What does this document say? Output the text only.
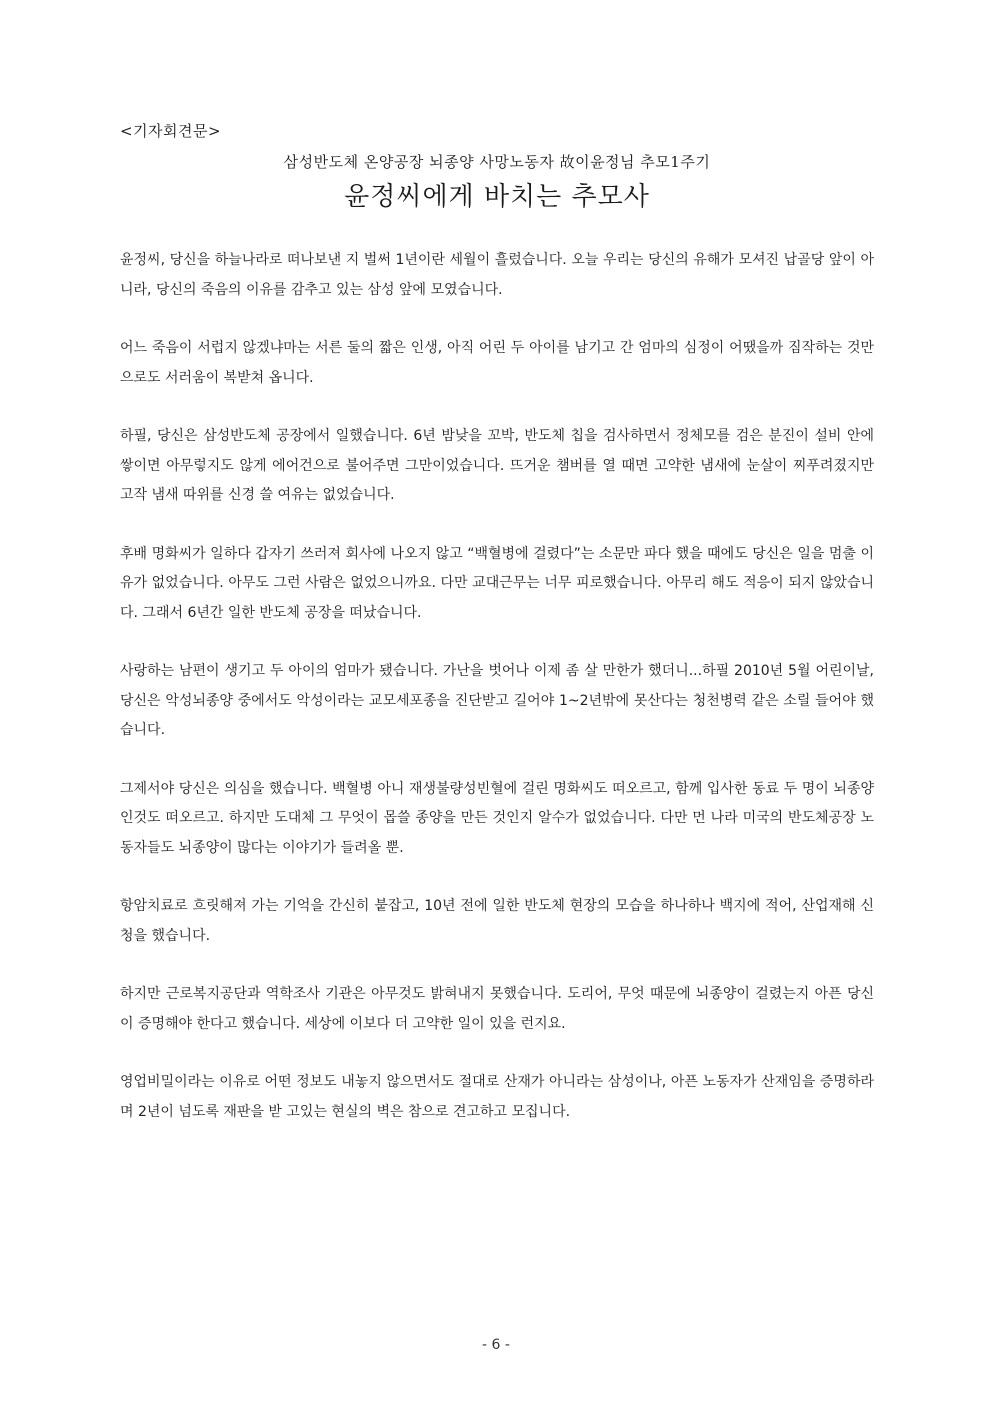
<기자회견문>
삼성반도체 온양공장 뇌종양 사망노동자 故이윤정님 추모1주기
윤정씨에게 바치는 추모사

윤정씨, 당신을 하늘나라로 떠나보낸 지 벌써 1년이란 세월이 흘렀습니다. 오늘 우리는 당신의 유해가 모셔진 납골당 앞이 아니라, 당신의 죽음의 이유를 감추고 있는 삼성 앞에 모였습니다.

어느 죽음이 서럽지 않겠냐마는 서른 둘의 짧은 인생, 아직 어린 두 아이를 남기고 간 엄마의 심정이 어땠을까 짐작하는 것만으로도 서러움이 복받쳐 옵니다.

하필, 당신은 삼성반도체 공장에서 일했습니다. 6년 밤낮을 꼬박, 반도체 칩을 검사하면서 정체모를 검은 분진이 설비 안에 쌓이면 아무렇지도 않게 에어건으로 불어주면 그만이었습니다. 뜨거운 챔버를 열 때면 고약한 냄새에 눈살이 찌푸려졌지만 고작 냄새 따위를 신경 쓸 여유는 없었습니다.

후배 명화씨가 일하다 갑자기 쓰러져 회사에 나오지 않고 “백혈병에 걸렸다”는 소문만 파다 했을 때에도 당신은 일을 멈출 이유가 없었습니다. 아무도 그런 사람은 없었으니까요. 다만 교대근무는 너무 피로했습니다. 아무리 해도 적응이 되지 않았습니다. 그래서 6년간 일한 반도체 공장을 떠났습니다.

사랑하는 남편이 생기고 두 아이의 엄마가 됐습니다. 가난을 벗어나 이제 좀 살 만한가 했더니...하필 2010년 5월 어린이날, 당신은 악성뇌종양 중에서도 악성이라는 교모세포종을 진단받고 길어야 1~2년밖에 못산다는 청천병력 같은 소릴 들어야 했습니다.

그제서야 당신은 의심을 했습니다. 백혈병 아니 재생불량성빈혈에 걸린 명화씨도 떠오르고, 함께 입사한 동료 두 명이 뇌종양인것도 떠오르고. 하지만 도대체 그 무엇이 몹쓸 종양을 만든 것인지 알수가 없었습니다. 다만 먼 나라 미국의 반도체공장 노동자들도 뇌종양이 많다는 이야기가 들려올 뿐.

항암치료로 흐릿해져 가는 기억을 간신히 붙잡고, 10년 전에 일한 반도체 현장의 모습을 하나하나 백지에 적어, 산업재해 신청을 했습니다.

하지만 근로복지공단과 역학조사 기관은 아무것도 밝혀내지 못했습니다. 도리어, 무엇 때문에 뇌종양이 걸렸는지 아픈 당신이 증명해야 한다고 했습니다. 세상에 이보다 더 고약한 일이 있을 런지요.

영업비밀이라는 이유로 어떤 정보도 내놓지 않으면서도 절대로 산재가 아니라는 삼성이나, 아픈 노동자가 산재임을 증명하라며 2년이 넘도록 재판을 받 고있는 현실의 벽은 참으로 견고하고 모집니다.

- 6 -
